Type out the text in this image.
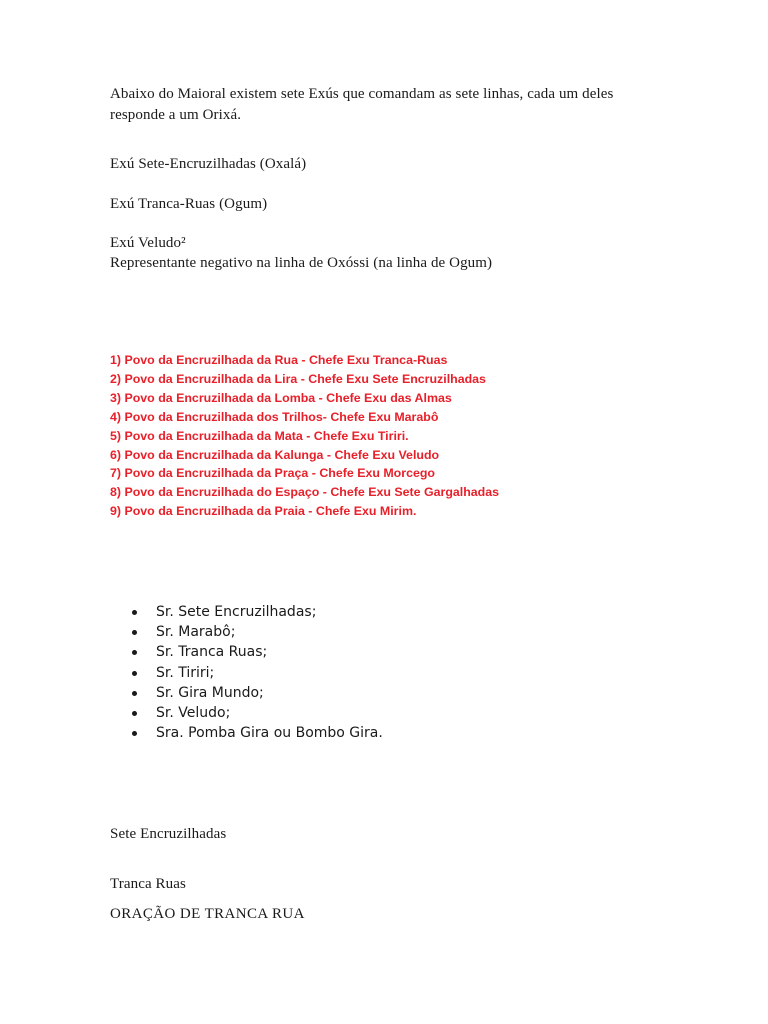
Abaixo do Maioral existem sete Exús que comandam as sete linhas, cada um deles
responde a um Orixá.

Exú Sete-Encruzilhadas (Oxalá)

Exú Tranca-Ruas (Ogum)

Exú Veludo²
Representante negativo na linha de Oxóssi (na linha de Ogum)
1) Povo da Encruzilhada da Rua - Chefe Exu Tranca-Ruas
2) Povo da Encruzilhada da Lira - Chefe Exu Sete Encruzilhadas
3) Povo da Encruzilhada da Lomba - Chefe Exu das Almas
4) Povo da Encruzilhada dos Trilhos- Chefe Exu Marabô
5) Povo da Encruzilhada da Mata - Chefe Exu Tiriri.
6) Povo da Encruzilhada da Kalunga - Chefe Exu Veludo
7) Povo da Encruzilhada da Praça - Chefe Exu Morcego
8) Povo da Encruzilhada do Espaço - Chefe Exu Sete Gargalhadas
9) Povo da Encruzilhada da Praia - Chefe Exu Mirim.
Sr. Sete Encruzilhadas;
Sr. Marabô;
Sr. Tranca Ruas;
Sr. Tiriri;
Sr. Gira Mundo;
Sr. Veludo;
Sra. Pomba Gira ou Bombo Gira.

Sete Encruzilhadas

Tranca Ruas

ORAÇÃO DE TRANCA RUA
